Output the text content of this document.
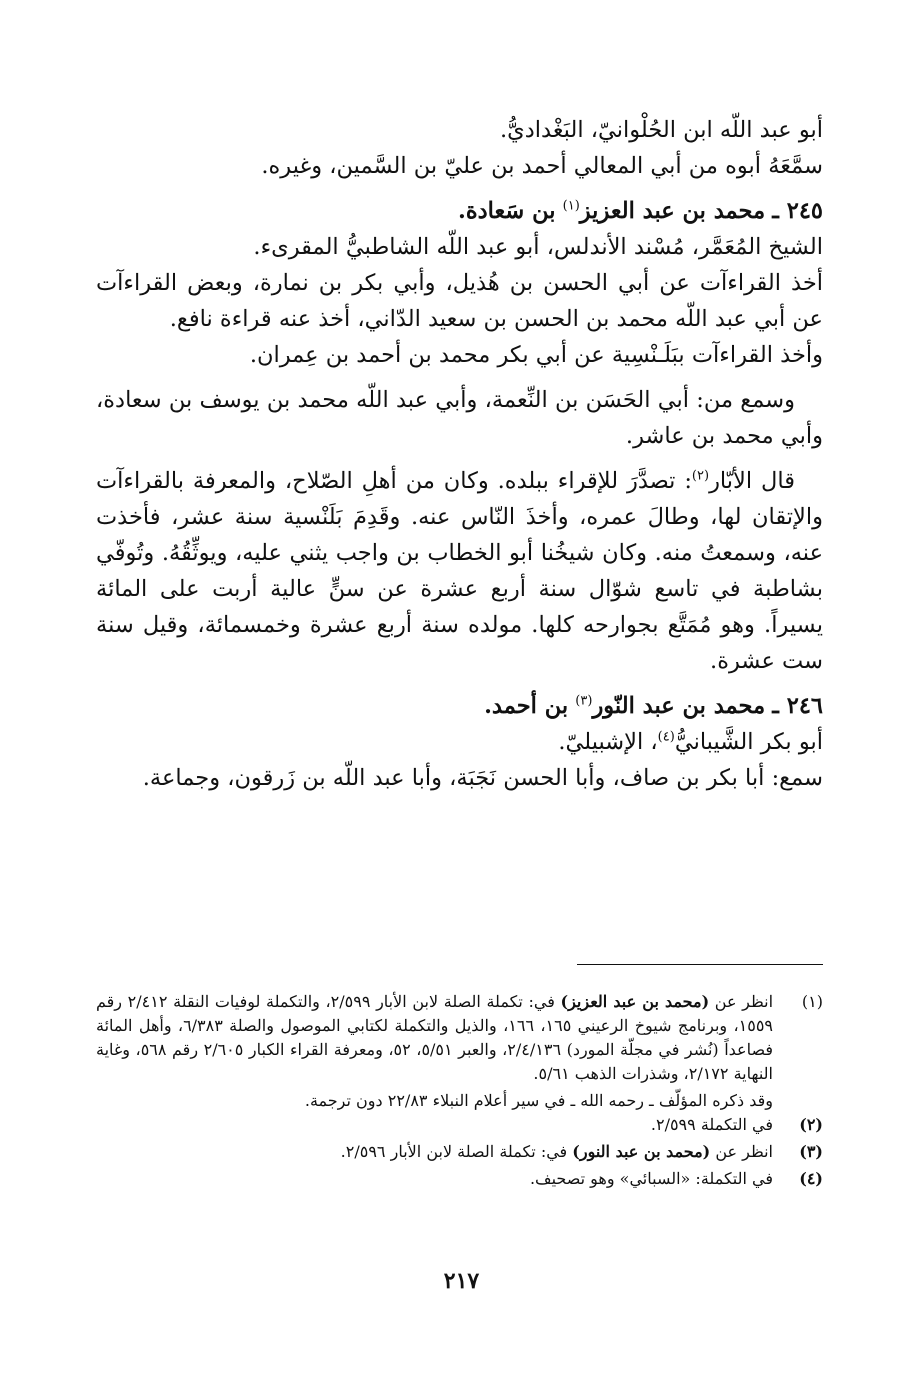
أبو عبد اللّه ابن الحُلْوانيّ، البَغْداديُّ.

سمَّعَهُ أبوه من أبي المعالي أحمد بن عليّ بن السَّمين، وغيره.

٢٤٥ ـ محمد بن عبد العزيز$^{(١)}$ بن سَعادة.

الشيخ المُعَمَّر، مُسْند الأندلس، أبو عبد اللّه الشاطبيُّ المقرىء.

أخذ القراءآت عن أبي الحسن بن هُذيل، وأبي بكر بن نمارة، وبعض القراءآت عن أبي عبد اللّه محمد بن الحسن بن سعيد الدّاني، أخذ عنه قراءة نافع.

وأخذ القراءآت ببَلَـنْسِية عن أبي بكر محمد بن أحمد بن عِمران.

وسمع من: أبي الحَسَن بن النِّعمة، وأبي عبد اللّه محمد بن يوسف بن سعادة، وأبي محمد بن عاشر.

قال الأبّار$^{(٢)}$: تصدَّرَ للإقراء ببلده. وكان من أهلِ الصّلاح، والمعرفة بالقراءآت والإتقان لها، وطالَ عمره، وأخذَ النّاس عنه. وقَدِمَ بَلَنْسية سنة عشر، فأخذت عنه، وسمعتُ منه. وكان شيخُنا أبو الخطاب بن واجب يثني عليه، ويوثِّقُهُ. وتُوفّي بشاطبة في تاسع شوّال سنة أربع عشرة عن سنٍّ عالية أربت على المائة يسيراً. وهو مُمَتَّع بجوارحه كلها. مولده سنة أربع عشرة وخمسمائة، وقيل سنة ست عشرة.

٢٤٦ ـ محمد بن عبد النّور$^{(٣)}$ بن أحمد.

أبو بكر الشَّيبانيُّ$^{(٤)}$، الإشبيليّ.

سمع: أبا بكر بن صاف، وأبا الحسن نَجَبَة، وأبا عبد اللّه بن زَرقون، وجماعة.

(١)
انظر عن (محمد بن عبد العزيز) في: تكملة الصلة لابن الأبار ٢/٥٩٩، والتكملة لوفيات النقلة ٢/٤١٢ رقم ١٥٥٩، وبرنامج شيوخ الرعيني ١٦٥، ١٦٦، والذيل والتكملة لكتابي الموصول والصلة ٦/٣٨٣، وأهل المائة فصاعداً (نُشر في مجلّة المورد) ٢/٤/١٣٦، والعبر ٥/٥١، ٥٢، ومعرفة القراء الكبار ٢/٦٠٥ رقم ٥٦٨، وغاية النهاية ٢/١٧٢، وشذرات الذهب ٥/٦١.
وقد ذكره المؤلّف ـ رحمه الله ـ في سير أعلام النبلاء ٢٢/٨٣ دون ترجمة.
(٢)
في التكملة ٢/٥٩٩.
(٣)
انظر عن (محمد بن عبد النور) في: تكملة الصلة لابن الأبار ٢/٥٩٦.
(٤)
في التكملة: «السبائي» وهو تصحيف.
٢١٧
